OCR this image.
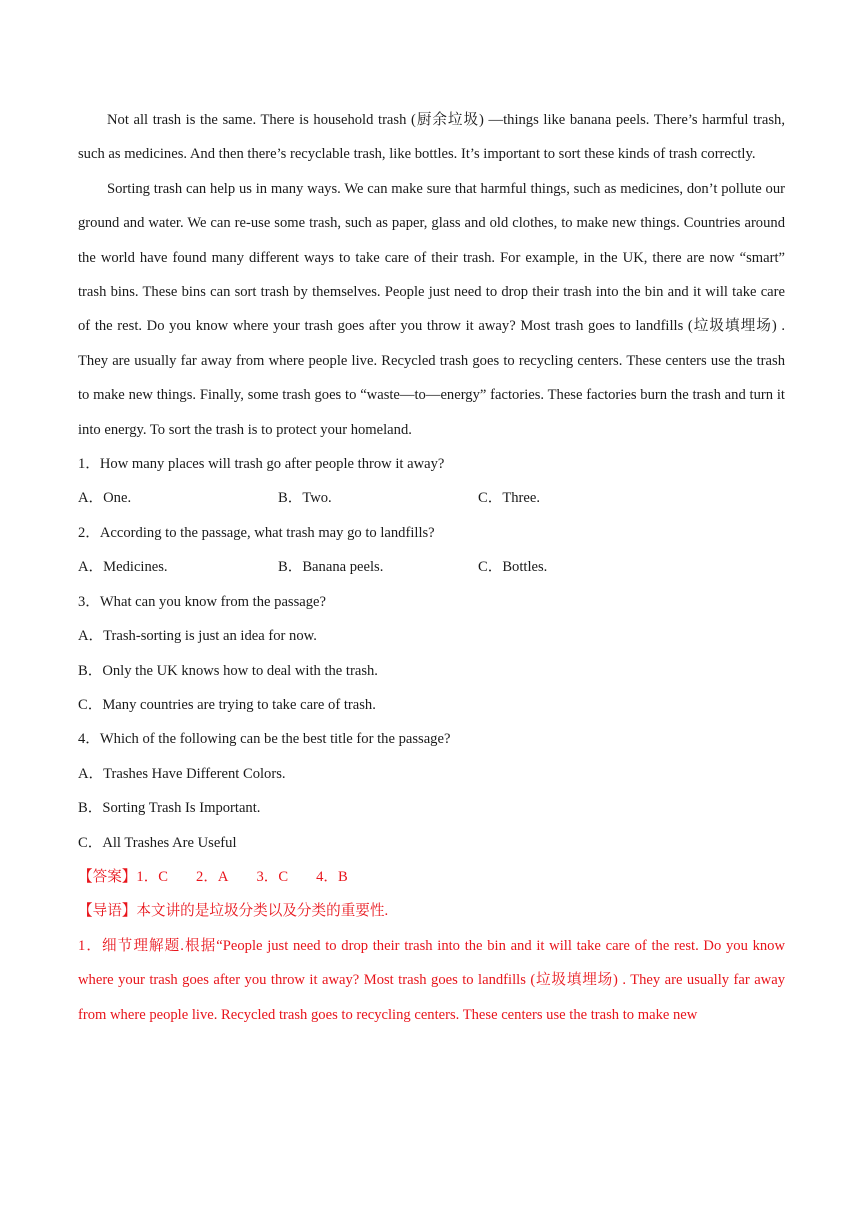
Not all trash is the same. There is household trash (厨余垃圾) —things like banana peels. There’s harmful trash, such as medicines. And then there’s recyclable trash, like bottles. It’s important to sort these kinds of trash correctly.

Sorting trash can help us in many ways. We can make sure that harmful things, such as medicines, don’t pollute our ground and water. We can re-use some trash, such as paper, glass and old clothes, to make new things. Countries around the world have found many different ways to take care of their trash. For example, in the UK, there are now “smart” trash bins. These bins can sort trash by themselves. People just need to drop their trash into the bin and it will take care of the rest. Do you know where your trash goes after you throw it away? Most trash goes to landfills (垃圾填埋场) . They are usually far away from where people live. Recycled trash goes to recycling centers. These centers use the trash to make new things. Finally, some trash goes to “waste—to—energy” factories. These factories burn the trash and turn it into energy. To sort the trash is to protect your homeland.

1．How many places will trash go after people throw it away?

A．One.	B．Two.	C．Three.

2．According to the passage, what trash may go to landfills?

A．Medicines.	B．Banana peels.	C．Bottles.

3．What can you know from the passage?

A．Trash-sorting is just an idea for now.

B．Only the UK knows how to deal with the trash.

C．Many countries are trying to take care of trash.

4．Which of the following can be the best title for the passage?

A．Trashes Have Different Colors.

B．Sorting Trash Is Important.

C．All Trashes Are Useful

【答案】1．C 2．A 3．C 4．B
【导语】本文讲的是垃圾分类以及分类的重要性.

1．细节理解题.根据“People just need to drop their trash into the bin and it will take care of the rest. Do you know where your trash goes after you throw it away? Most trash goes to landfills (垃圾填埋场) . They are usually far away from where people live. Recycled trash goes to recycling centers. These centers use the trash to make new
